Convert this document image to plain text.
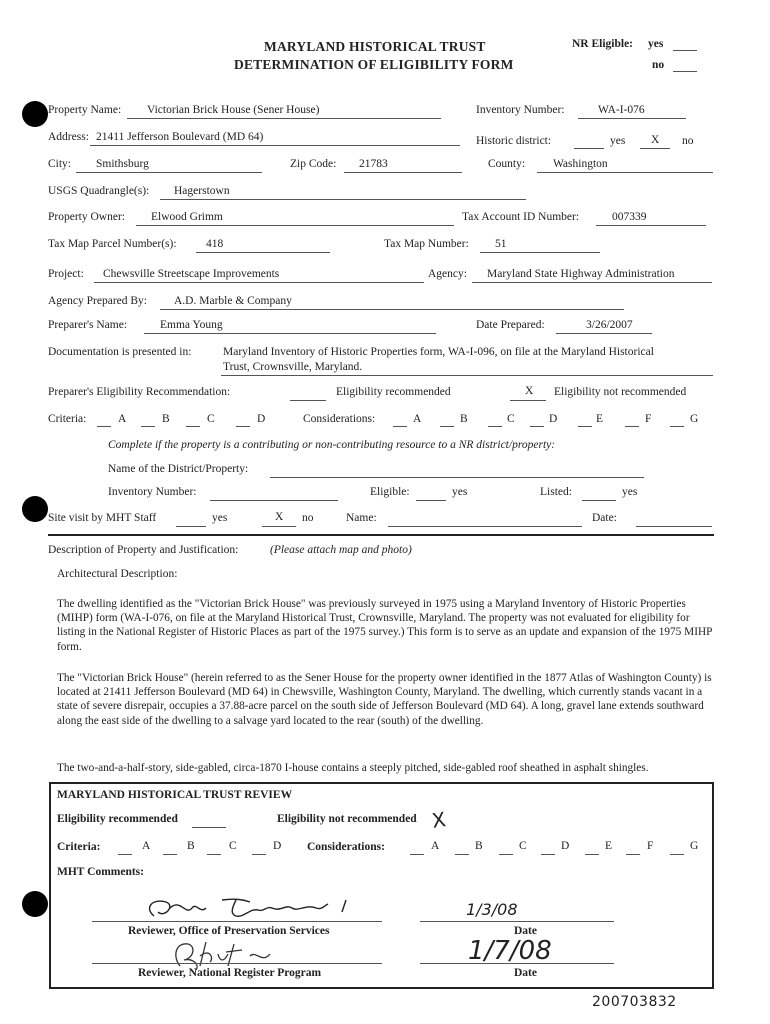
MARYLAND HISTORICAL TRUST
DETERMINATION OF ELIGIBILITY FORM
NR Eligible: yes
no
Property Name: Victorian Brick House (Sener House)	Inventory Number:	WA-I-076
Address: 21411 Jefferson Boulevard (MD 64)	Historic district:	yes X no
City: Smithsburg	Zip Code: 21783	County: Washington
USGS Quadrangle(s): Hagerstown
Property Owner: Elwood Grimm	Tax Account ID Number:	007339
Tax Map Parcel Number(s):	418	Tax Map Number: 51
Project: Chewsville Streetscape Improvements	Agency: Maryland State Highway Administration
Agency Prepared By: A.D. Marble & Company
Preparer's Name:	Emma Young	Date Prepared:	3/26/2007
Documentation is presented in:	Maryland Inventory of Historic Properties form, WA-I-096, on file at the Maryland Historical
Trust, Crownsville, Maryland.
Preparer's Eligibility Recommendation:	Eligibility recommended	X Eligibility not recommended
Criteria:	A	B	C	D	Considerations:	A	B	C	D	E	F	G
Complete if the property is a contributing or non-contributing resource to a NR district/property:
Name of the District/Property:
Inventory Number:	Eligible:	yes	Listed:	yes
Site visit by MHT Staff	yes	X no	Name:	Date:
Description of Property and Justification:	(Please attach map and photo)
Architectural Description:
The dwelling identified as the "Victorian Brick House" was previously surveyed in 1975 using a Maryland Inventory of Historic Properties (MIHP) form (WA-I-076, on file at the Maryland Historical Trust, Crownsville, Maryland. The property was not evaluated for eligibility for listing in the National Register of Historic Places as part of the 1975 survey.) This form is to serve as an update and expansion of the 1975 MIHP form.
The "Victorian Brick House" (herein referred to as the Sener House for the property owner identified in the 1877 Atlas of Washington County) is located at 21411 Jefferson Boulevard (MD 64) in Chewsville, Washington County, Maryland. The dwelling, which currently stands vacant in a state of severe disrepair, occupies a 37.88-acre parcel on the south side of Jefferson Boulevard (MD 64). A long, gravel lane extends southward along the east side of the dwelling to a salvage yard located to the rear (south) of the dwelling.
The two-and-a-half-story, side-gabled, circa-1870 I-house contains a steeply pitched, side-gabled roof sheathed in asphalt shingles.
MARYLAND HISTORICAL TRUST REVIEW
Eligibility recommended	Eligibility not recommended X
Criteria:	A	B	C	D Considerations:	A	B	C	D	E	F	G
MHT Comments:
Reviewer, Office of Preservation Services
1/3/08
Date
Reviewer, National Register Program
1/7/08
Date
200703832
